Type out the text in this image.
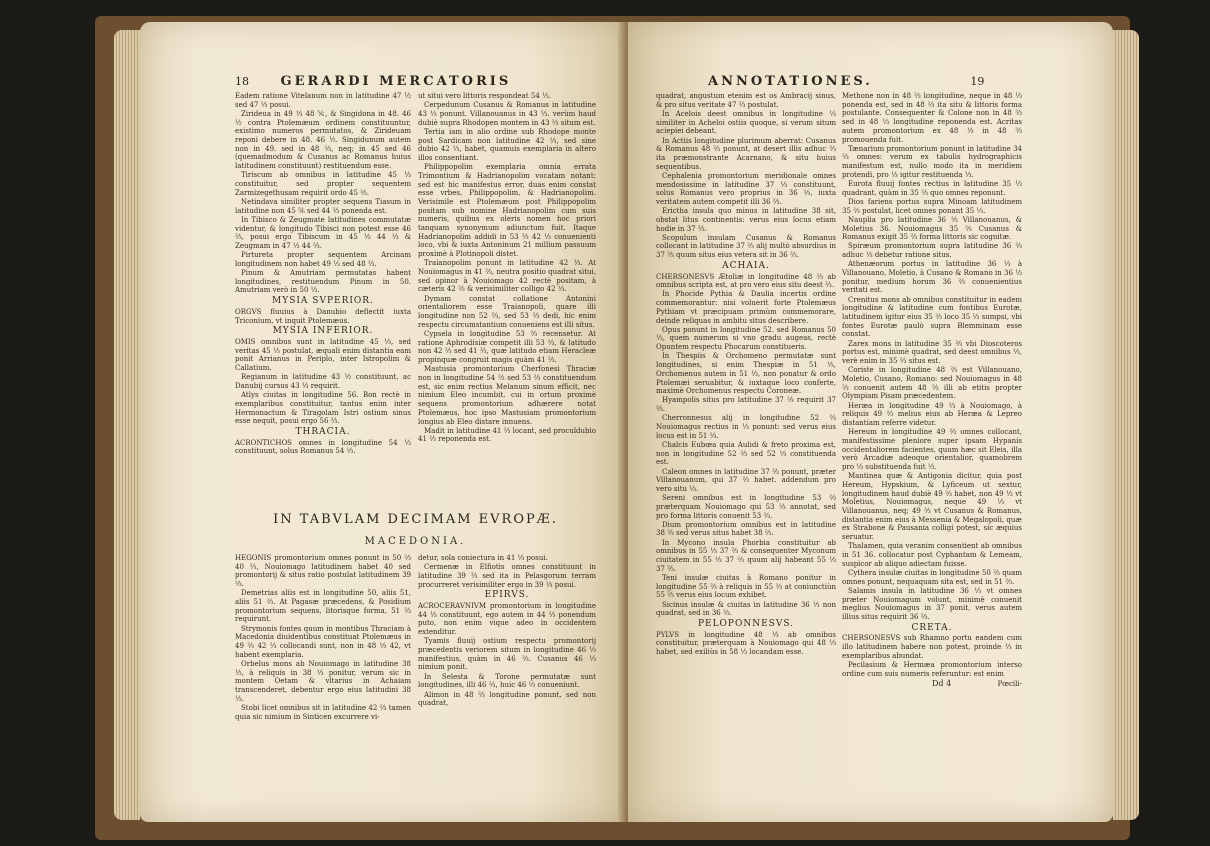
18 GERARDI MERCATORIS

Eadem ratione Vitelanum non in latitudine 47 ½ sed 47 ⅓ posui.

Zirideua in 49 ⅓ 48 ⅚, & Singidona in 48. 46 ½ contra Ptolemæum ordinem constituuntur, existimo numeros permutatos, & Zirideuam reponi debere in 48. 46 ½. Singidunum autem non in 49. sed in 48 ⅔, neq; in 45 sed 46 (quemadmodum & Cusanus ac Romanus huius latitudinem constituunt) restituendum esse.

Tiriscum ab omnibus in latitudine 45 ⅓ constituitur, sed propter sequentem Zarmizegethusam requirit ordo 45 ⅔.

Netindava similiter propter sequens Tiasum in latitudine non 45 ⅚ sed 44 ⅔ ponenda est.

In Tibisco & Zeugmate latitudines commutatæ videntur, & longitudo Tibisci non potest esse 46 ⅔, posui ergo Tibiscum in 45 ⅓ 44 ⅓ & Zeugmam in 47 ⅓ 44 ⅔.

Pirtureta propter sequentem Arcinam longitudinem non habet 49 ⅓ sed 48 ⅓.

Pinum & Amutriam permutatas habent longitudines, restituendum Pinum in 50. Amutriam verò in 50 ⅓.

MYSIA SVPERIOR.

ORGVS fluuius à Danubio deflectit iuxta Triconium, vt inquit Ptolemæus.

MYSIA INFERIOR.

OMIS omnibus sunt in latitudine 45 ⅓, sed veritas 45 ⅓ postulat, æquali enim distantia eam ponit Arrianus in Periplo, inter Istropolim & Callatium.

Regianum in latitudine 43 ½ constituunt, ac Danubij cursus 43 ⅓ requirit.

Atlys ciuitas in longitudine 56. Bon rectè in exemplaribus constituitur, tantus enim inter Hermonactum & Tiragolam Istri ostium sinus esse nequit, posui ergo 56 ⅔.

THRACIA.

ACRONTICHOS omnes in longitudine 54 ⅓ constituunt, solus Romanus 54 ⅓.

ut situi vero littoris respondeat 54 ⅓.

Cerpedunum Cusanus & Romanus in latitudine 43 ⅓ ponunt. Villanouanus in 43 ⅓. verùm haud dubiè supra Rhodopen montem in 43 ⅔ situm est.

Tertia iam in alio ordine sub Rhodope monte post Sardicam non latitudine 42 ⅓, sed sine dubio 42 ⅓, habet, quamuis exemplaria in altero illos consentiant.

Philippopolim exemplaria omnia errata Trimontium & Hadrianopolim vocatam notant: sed est hic manifestus error, duas enim constat esse vrbes, Philippopolim, & Hadrianopolim. Verisimile est Ptolemæum post Philippopolim positam sub nomine Hadrianopolim cum suis numeris, quibus ex oleris nomen hoc priori tanquam synonymum adiunctum fuit. Itaque Hadrianopolim addidi in 53 ⅔ 42 ⅓ conuenienti loco, vbi & iuxta Antoninum 21 millium passuum proximè à Plotinopoli distet.

Traianopolim ponunt in latitudine 42 ⅓. At Nouiomagus in 41 ⅔, neutra positio quadrat situi, sed opinor à Nouiomago 42 rectè positam, à cæteris 42 ⅔ & verisimiliter colligo 42 ⅓.

Dymam constat collatione Antonini orientaliorem esse Traianopoli, quare illi longitudine non 52 ⅔, sed 53 ⅔ dedi, hic enim respectu circumstantium conueniens est illi situs.

Cypsela in longitudine 53 ⅔ recensetur. At ratione Aphrodisiæ competit illi 53 ⅔, & latitudo non 42 ⅔ sed 41 ⅔, quæ latitudo etiam Heracleæ propinquæ congruit magis quàm 41 ⅔.

Mastusia promontorium Cherfonesi Thraciæ non in longitudine 54 ⅔ sed 53 ⅔ constituendum est, sic enim rectius Melanum sinum efficit, nec nimium Eleo incumbit, cui in ortum proximè sequens promontorium adhærere notat Ptolemæus, hoc ipso Mastusiam promontorium longius ab Eleo distare innuens.

Madit in latitudine 41 ⅔ locant, sed proculdubio 41 ⅔ reponenda est.

IN TABVLAM DECIMAM EVROPÆ.
MACEDONIA.

HEGONIS promontorium omnes ponunt in 50 ⅔ 40 ⅔, Nouiomago latitudinem habet 40 sed promontorij & situs ratio postulat latitudinem 39 ⅔.

Demetrias aliis est in longitudine 50, aliis 51, aliis 51 ⅔. At Pagasæ præcedens, & Posidium promontorium sequens, litorisque forma, 51 ⅔ requirunt.

Strymonis fontes quum in montibus Thraciam à Macedonia diuidentibus constituat Ptolemæus in 49 ⅔ 42 ⅔ collocandi sunt, non in 48 ⅓ 42, vt habent exemplaria.

Orbelus mons ab Nouiomago in latitudine 38 ⅓, à reliquis in 38 ⅓ ponitur, verum sic in montem Oetam & vltarius in Achaiam transcenderet, debentur ergo eius latitudini 38 ⅓.

Stobi licet omnibus sit in latitudine 42 ⅔ tamen quia sic nimium in Sinticen excurrere vi-

detur, sola coniectura in 41 ⅓ posui.

Cermenæ in Elfiotis omnes constituunt in latitudine 39 ⅓ sed ita in Pelasgorum terram procurreret verisimiliter ergo in 39 ⅓ posui.

EPIRVS.

ACROCERAVNIVM promontorium in longitudine 44 ⅓ constituunt, ego autem in 44 ⅔ ponendum puto, non enim vique adeo in occidentem extenditur.

Tyamis fluuij ostium respectu promontorij præcedentis veriorem situm in longitudine 46 ⅓ manifestius, quàm in 46 ⅔. Cusanus 46 ⅓ nimium ponit.

In Selesta & Torone permutatæ sunt longitudines, illi 46 ⅔, huic 46 ⅓ conueniunt.

Alimon in 48 ⅔ longitudine ponunt, sed non quadrat,

ANNOTATIONES.	19

quadrat, angustum etenim est os Ambracij sinus, & pro situs veritate 47 ⅔ postulat.

In Acelois deest omnibus in longitudine ⅓ similiter in Acheloi ostiis quoque, si verum situm aciepiei debeant.

In Actiis longitudine plurimum aberrat: Cusanus & Romanus 48 ⅔ ponunt, at desert illis adhuc ⅔ ita præmonstrante Acarnano, & situ huius sequentibus.

Cephalenia promontorium meridionale omnes mendosissime in latitudine 37 ⅓ constituunt, solus Romanus vero proprius in 36 ⅔, iuxta veritatem autem competit illi 36 ⅔.

Erictha insula quo minus in latitudine 38 sit, obstat litus continentis: verus eius locus etiam hodie in 37 ⅔.

Scopulum insulam Cusanus & Romanus collocant in latitudine 37 ⅔ alij multò absurdius in 37 ⅔ quum situs eius vetera sit in 36 ⅔.

ACHAIA.

CHERSONESVS Ætoliæ in longitudine 48 ⅔ ab omnibus scripta est, at pro vero eius situ deest ⅔.

In Phocide Pythia & Daulia incertis ordine commemorantur: nisi voluerit forte Ptolemæus Pythiam vt præcipuam primùm commemorare, deinde reliquas in ambitu situs describere.

Opus ponunt in longitudine 52. sed Romanus 50 ⅓, quem numerum si vno gradu augeas, rectè Opuntem respectu Phocarum constitueris.

In Thespiis & Orchomeno permutatæ sunt longitudines, si enim Thespiæ in 51 ⅓, Orchomenus autem in 51 ⅓, non ponatur & ordo Ptolemæi seruabitur, & iuxtaque loco conferte, maximè Orchomenus respectu Coroneæ.

Hyampolis situs pro latitudine 37 ⅔ requirit 37 ⅔.

Cherronnesus alij in longitudine 52 ⅔ Nouiomagus rectius in ⅓ ponunt: sed verus eius locus est in 51 ⅓.

Chalcis Eubœa quia Aulidi & freto proxima est, non in longitudine 52 ⅔ sed 52 ⅓ constituenda est.

Caleon omnes in latitudine 37 ⅔ ponunt, præter Villanouanum, qui 37 ⅔ habet. addendum pro vero situ ⅓.

Sereni omnibus est in longitudine 53 ⅔ præterquam Nouiomago qui 53 ⅔ annotat, sed pro forma littoris conuenit 53 ⅔.

Dium promontorium omnibus est in latitudine 38 ⅔ sed verus situs habet 38 ⅔.

In Mycono insula Phorbia constituitur ab omnibus in 55 ⅓ 37 ⅔ & consequenter Myconum ciuitatem in 55 ⅓ 37 ⅔ quum alij habeant 55 ⅓ 37 ⅔.

Teni insulæ ciuitas à Romano ponitur in longitudine 55 ⅔ à reliquis in 55 ⅔ at coniunctiùn 55 ⅔ verus eius locum exhibet.

Sicinus insulæ & ciuitas in latitudine 36 ⅓ non quadrat, sed in 36 ⅔.

PELOPONNESVS.

PYLVS in longitudine 48 ⅓ ab omnibus constituitur, præterquam à Nouiomago qui 48 ⅓ habet, sed exiliùs in 58 ⅓ locandam esse.

Methone non in 48 ⅔ longitudine, neque in 48 ⅓ ponenda est, sed in 48 ⅔ ita situ & littoris forma postulante. Consequenter & Colone non in 48 ⅔ sed in 48 ⅓ longitudine reponenda est. Acritas autem promontorium ex 48 ⅓ in 48 ⅔ promouenda fuit.

Tænarium promontorium ponunt in latitudine 34 ⅔ omnes: verum ex tabulis hydrographicis manifestum est, nullo modo ita in meridiem protendi, pro ⅓ igitur restituenda ⅓.

Eurota fluuij fontes rectius in latitudine 35 ⅓ quadrant, quàm in 35 ⅔ quo omnes reponunt.

Dios fariens portus supra Minoam latitudinem 35 ⅔ postulat, licet omnes ponant 35 ⅓.

Nauplia pro latitudine 36 ⅔ Villanouanus, & Moletius 36. Nouiomagus 35 ⅔ Cusanus & Romanus exigit 35 ⅔ forma littoris sic cognitæ.

Spiræum promontorium supra latitudine 36 ⅔ adhuc ⅓ debetur ratione situs.

Athenæorum portus in latitudine 36 ⅓ à Villanouano, Moletio, à Cusano & Romano in 36 ⅓ ponitur, medium horum 36 ⅔ conuenientius veritati est.

Crenitus mons ab omnibus constituitur in eadem longitudine & latitudine cum fontibus Eurotæ, latitudinem igitur eius 35 ⅔ loco 35 ⅓ sumpsi, vbi fontes Eurotæ paulò supra Blemminam esse constat.

Zarex mons in latitudine 35 ⅔ vbi Dioscoteros portus est, minimè quadrat, sed deest omnibus ⅓, verè enim in 35 ⅔ situs est.

Coriste in longitudine 48 ⅔ est Villanouano, Moletio, Cusano, Romano: sed Nouiomagus in 48 ⅔ conuenit autem 48 ⅔ illi ab etitis propter Olympiam Pisam præcedentem.

Heræa in longitudine 49 ⅔ à Nouiomago, à reliquis 49 ⅔ melius eius ab Heræa & Lepreo distantiam referre videtur.

Hereum in longitudine 49 ⅔ omnes collocant, manifestissime pleniore super ipsam Hypanis occidentaliorem facientes, quum hæc sit Eleis, illa verò Arcadiæ adeoque orientalior, quamobrem pro ⅓ substituenda fuit ⅓.

Mantinea quæ & Antigonia dicitur, quia post Hereum, Hypskium, & Lyficeum ut sextur, longitudinem haud dubiè 49 ⅔ habet, non 49 ⅓ vt Moletius, Nouiomagus, neque 49 ⅓ vt Villanouanus, neq; 49 ⅔ vt Cusanus & Romanus, distantia enim eius à Messenia & Megalopoli, quæ ex Strabone & Pausania colligi potest, sic æquius seruatur.

Thalamen, quia veranim consentient ab omnibus in 51 36. collocatur post Cyphantam & Lemeam, suspicor ab aliquo adiectam fuisse.

Cythera insulæ ciuitas in longitudine 50 ⅔ quam omnes ponunt, nequaquam sita est, sed in 51 ⅔.

Salamis insula in latitudine 36 ⅓ vt omnes præter Nouiomagum volunt, minimè conuenit meglius Nouiomagus in 37 ponit, verus autem illius situs requirit 36 ⅔.

CRETA.

CHERSONESVS sub Rhamno portu eandem cum illo latitudinem habere non potest, proinde ⅓ in exemplaribus abundat.

Pecilasium & Hermæa promontorium interso ordine cum suis numeris referuntur: est enim

Dd 4	Pœcili-
